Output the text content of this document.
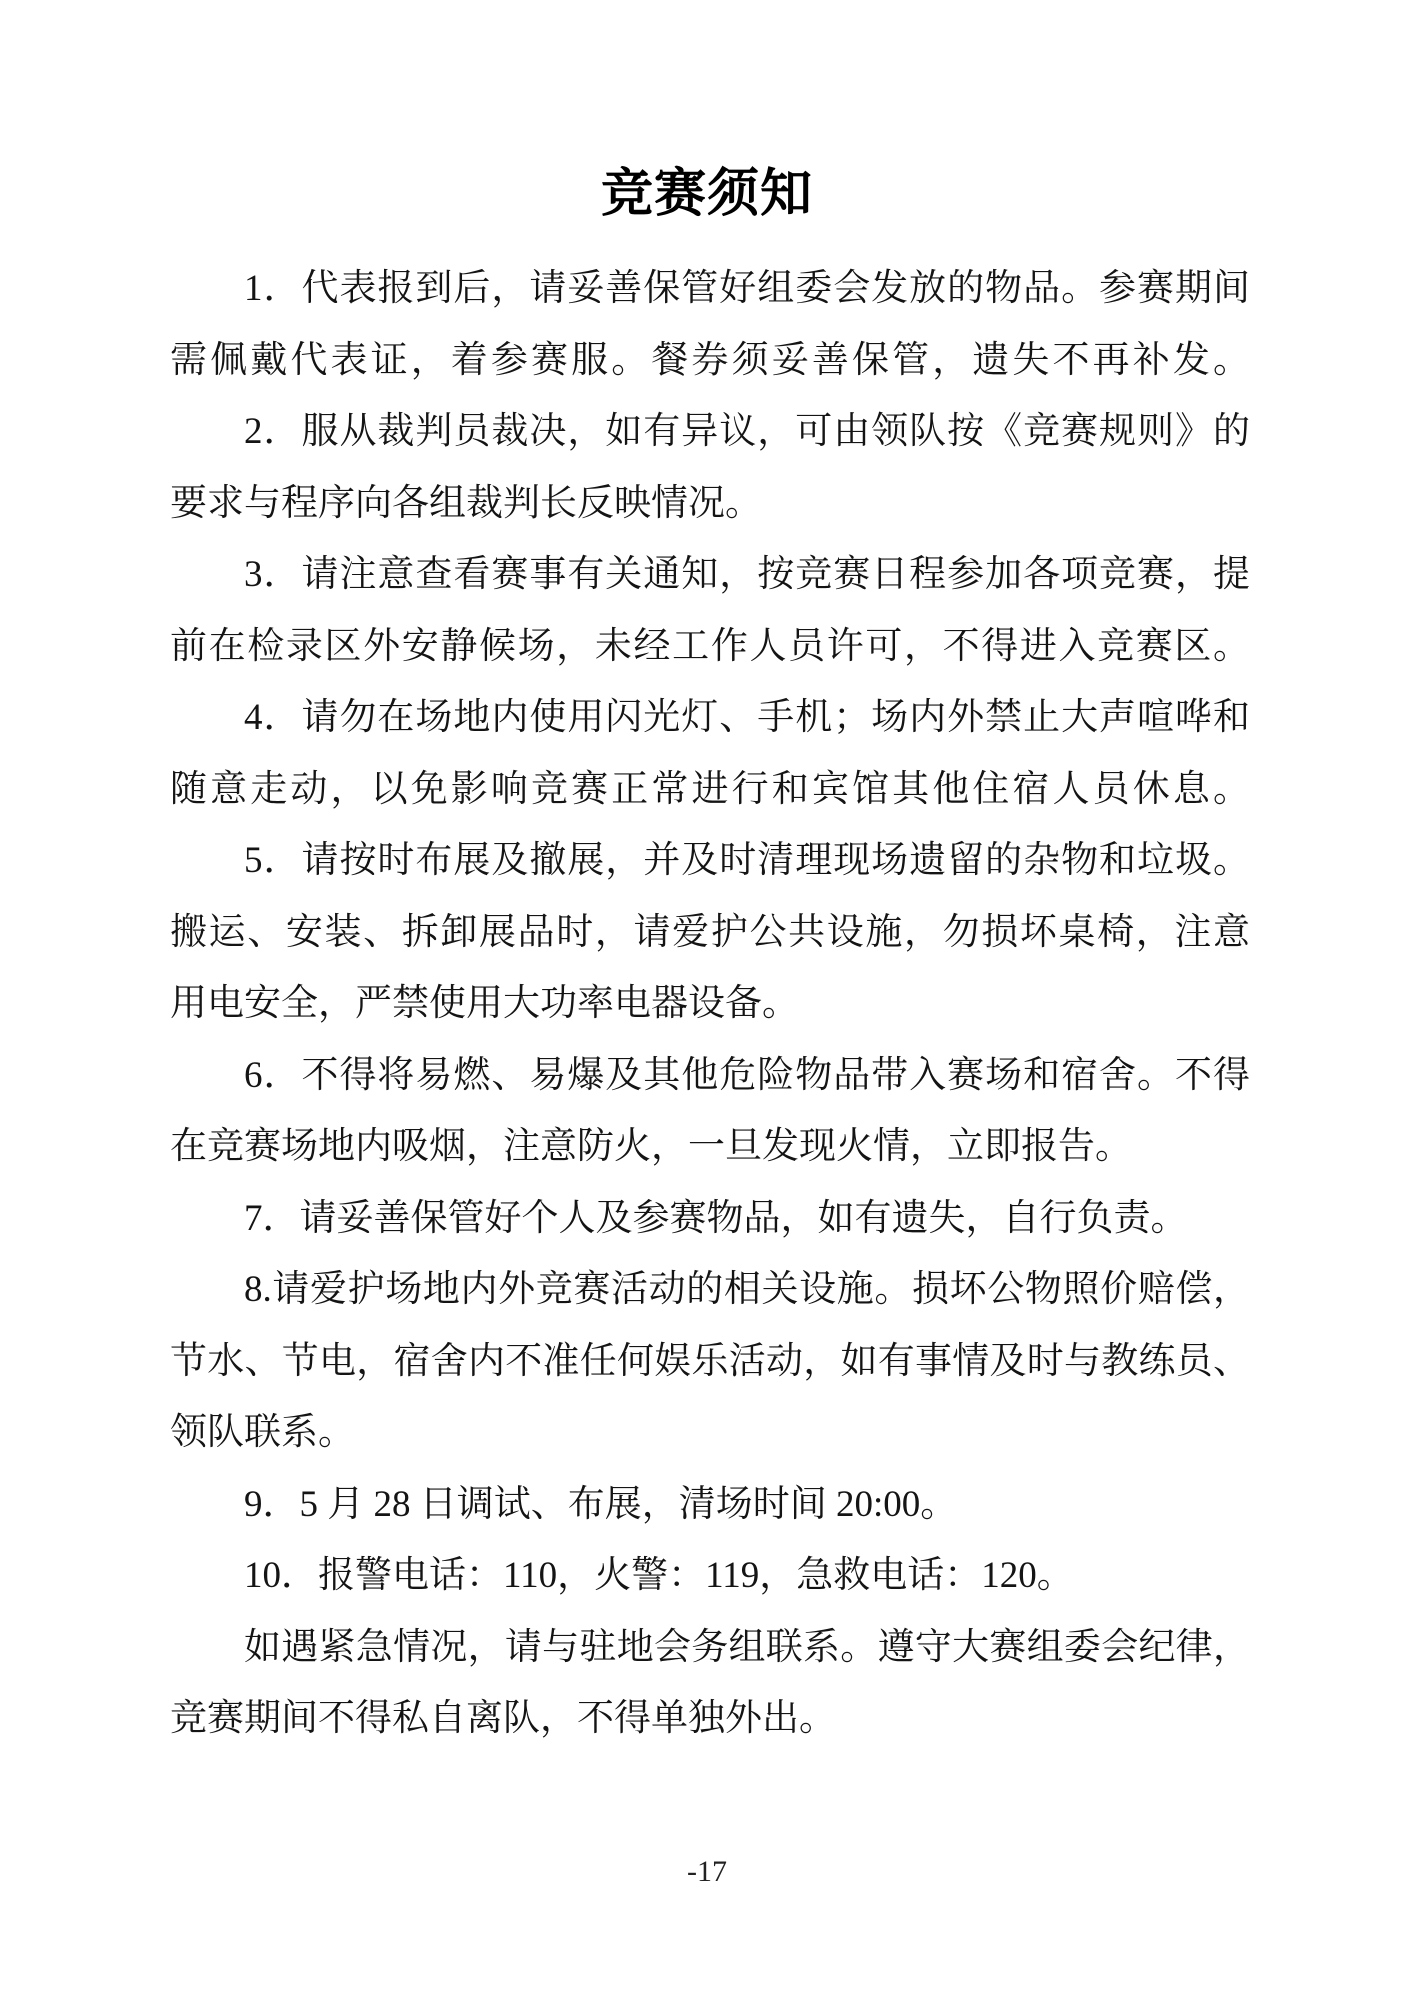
竞赛须知
1．代表报到后，请妥善保管好组委会发放的物品。参赛期间
需佩戴代表证，着参赛服。餐券须妥善保管，遗失不再补发。
2．服从裁判员裁决，如有异议，可由领队按《竞赛规则》的
要求与程序向各组裁判长反映情况。
3．请注意查看赛事有关通知，按竞赛日程参加各项竞赛，提
前在检录区外安静候场，未经工作人员许可，不得进入竞赛区。
4．请勿在场地内使用闪光灯、手机；场内外禁止大声喧哗和
随意走动，以免影响竞赛正常进行和宾馆其他住宿人员休息。
5．请按时布展及撤展，并及时清理现场遗留的杂物和垃圾。
搬运、安装、拆卸展品时，请爱护公共设施，勿损坏桌椅，注意
用电安全，严禁使用大功率电器设备。
6．不得将易燃、易爆及其他危险物品带入赛场和宿舍。不得
在竞赛场地内吸烟，注意防火，一旦发现火情，立即报告。
7．请妥善保管好个人及参赛物品，如有遗失，自行负责。
8.请爱护场地内外竞赛活动的相关设施。损坏公物照价赔偿，
节水、节电，宿舍内不准任何娱乐活动，如有事情及时与教练员、
领队联系。
9．5 月 28 日调试、布展，清场时间 20:00。
10．报警电话：110，火警：119，急救电话：120。
如遇紧急情况，请与驻地会务组联系。遵守大赛组委会纪律，
竞赛期间不得私自离队，不得单独外出。
-17
